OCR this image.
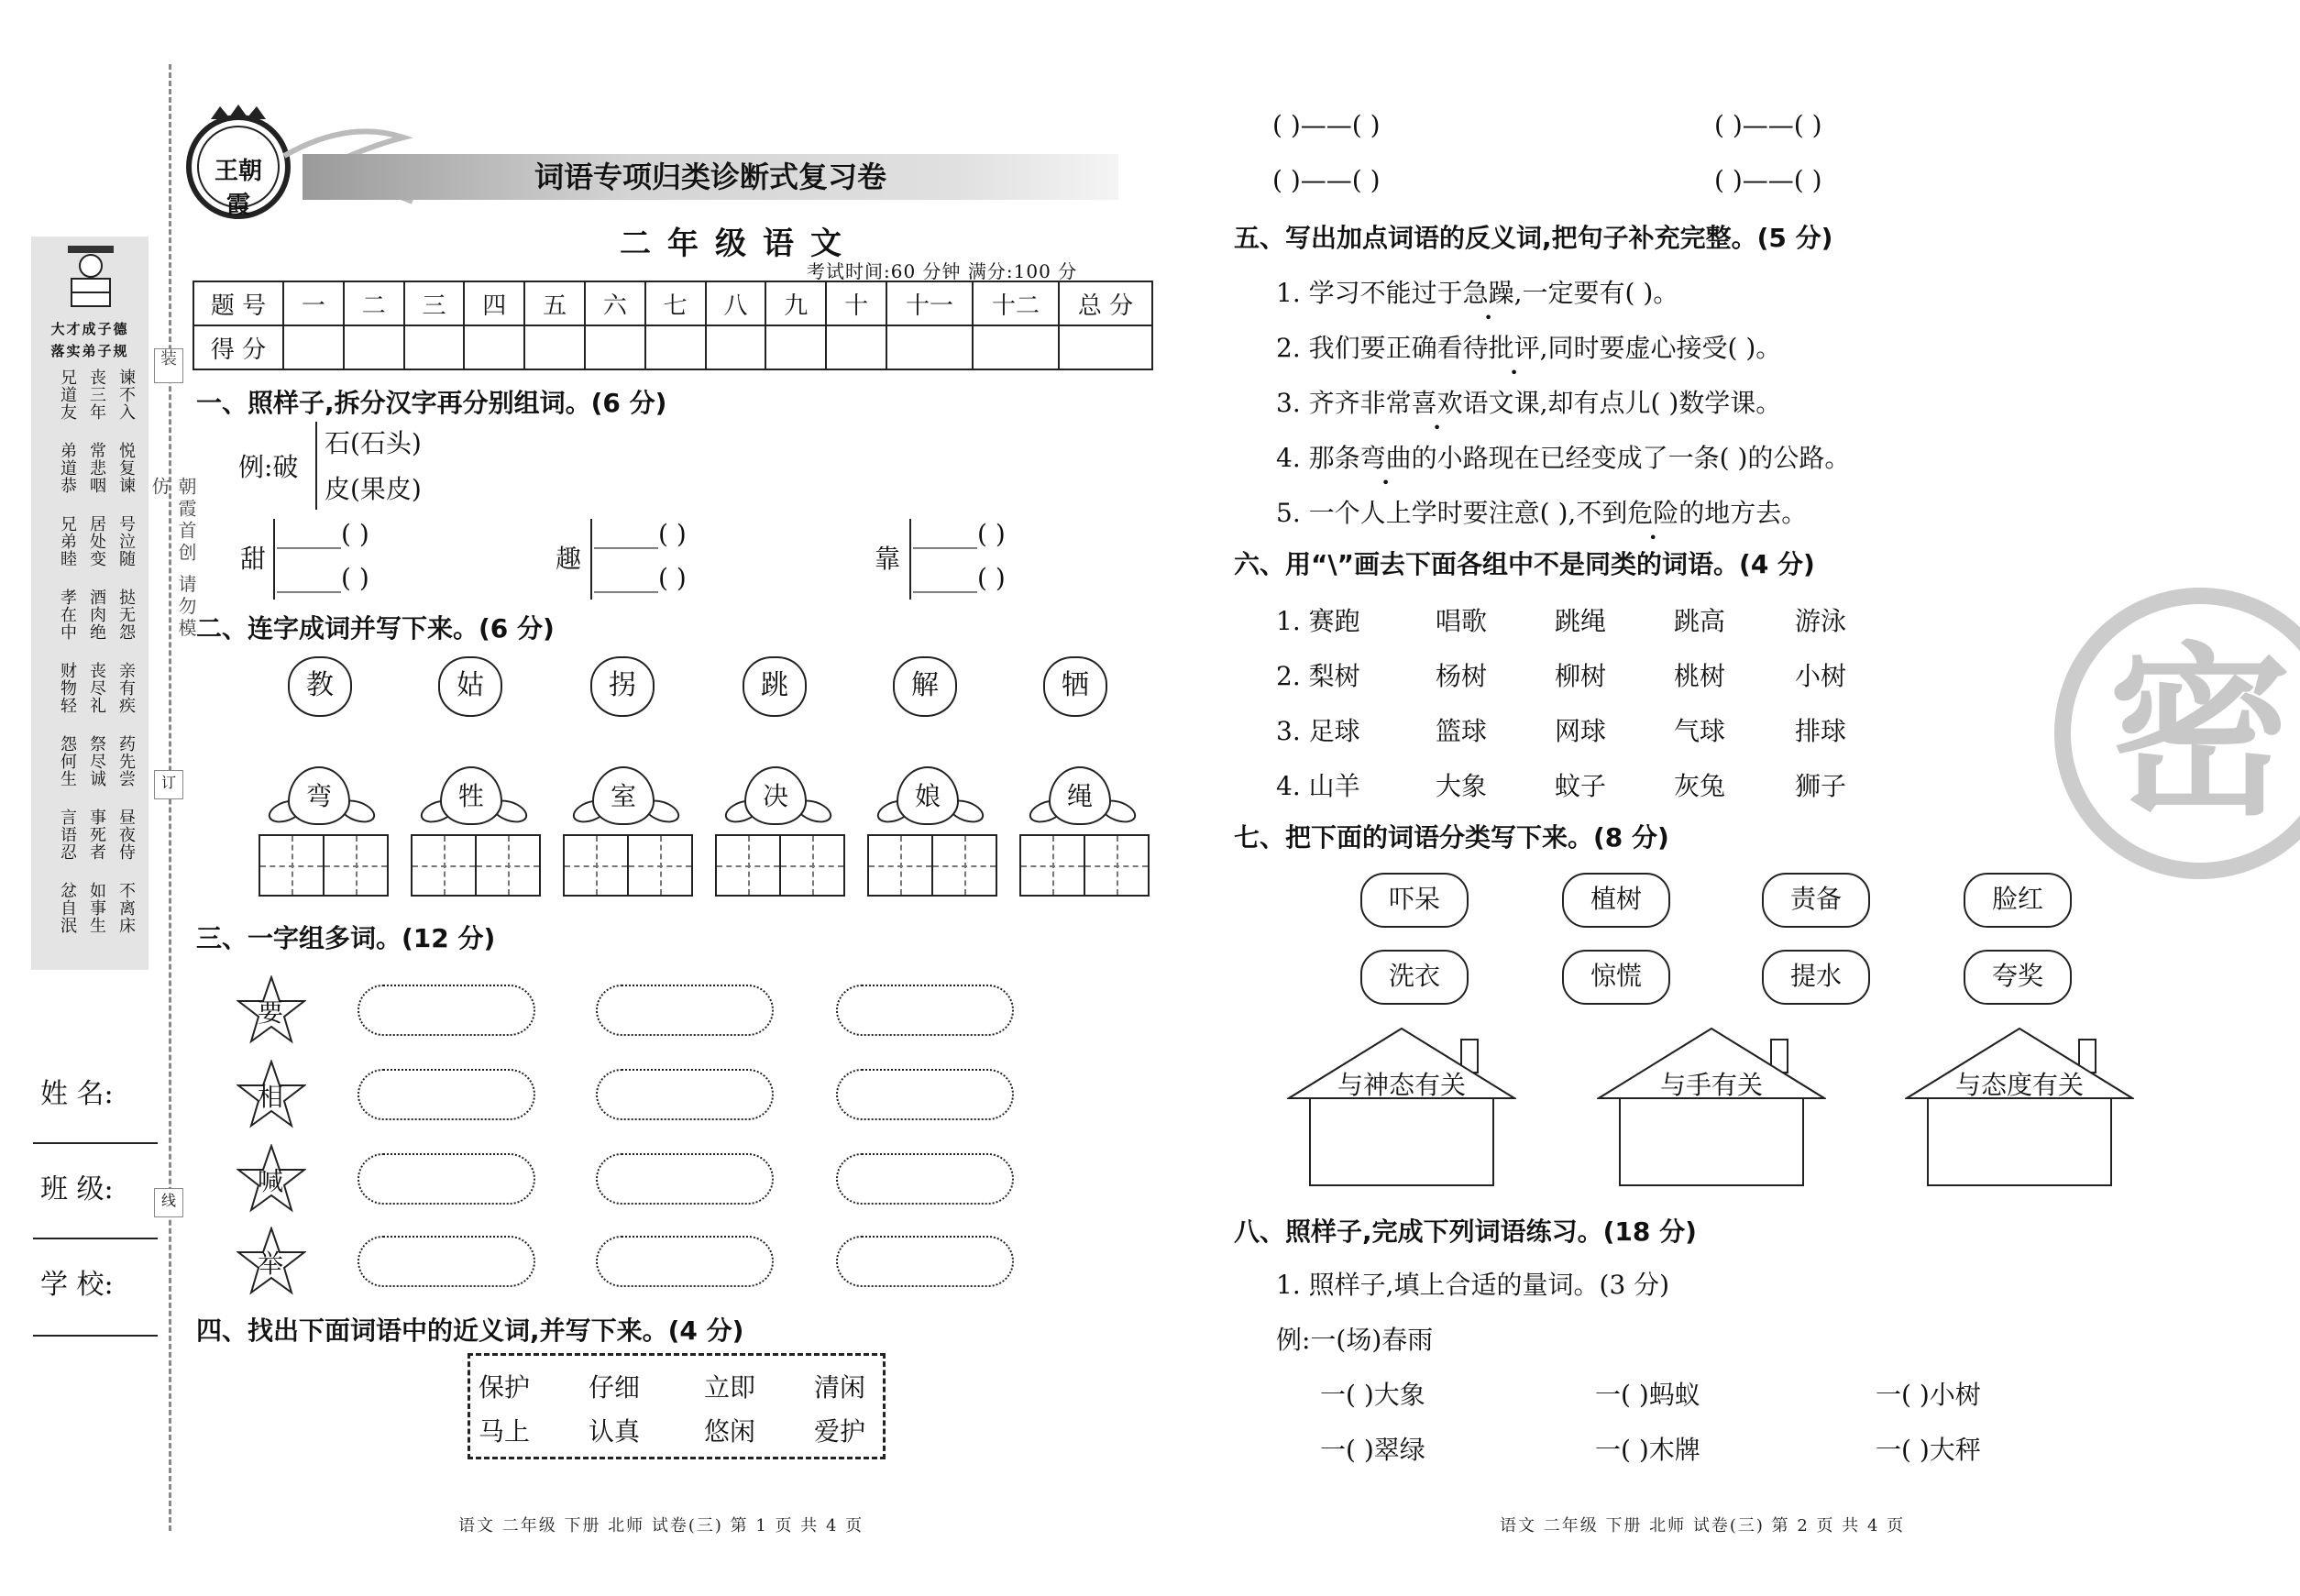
装
朝霞首创 请勿模仿
订
线
大才成子德
落实弟子规
兄道友 丧三年 谏不入
弟道恭 常悲咽 悦复谏
兄弟睦 居处变 号泣随
孝在中 酒肉绝 挞无怨
财物轻 丧尽礼 亲有疾
怨何生 祭尽诚 药先尝
言语忍 事死者 昼夜侍
忿自泯 如事生 不离床
姓 名:
班 级:
学 校:
王朝霞
词语专项归类诊断式复习卷
二年级语文
考试时间:60 分钟 满分:100 分
题 号	一	二	三	四	五	六	七	八	九	十	十一	十二	总 分
得 分													
一、照样子,拆分汉字再分别组词。(6 分)
例:破
石(石头)
皮(果皮)
甜
_____( )
_____( )
趣
_____( )
_____( )
靠
_____( )
_____( )
二、连字成词并写下来。(6 分)
教	姑	拐	跳	解	牺
弯	牲	室	决	娘	绳
三、一字组多词。(12 分)
要
相
喊
举
四、找出下面词语中的近义词,并写下来。(4 分)
保护 仔细 立即 清闲
马上 认真 悠闲 爱护
语文 二年级 下册 北师 试卷(三) 第 1 页 共 4 页
( )——( )	( )——( )
( )——( )	( )——( )
五、写出加点词语的反义词,把句子补充完整。(5 分)
1. 学习不能过于急躁,一定要有( )。
2. 我们要正确看待批评,同时要虚心接受( )。
3. 齐齐非常喜欢语文课,却有点儿( )数学课。
4. 那条弯曲的小路现在已经变成了一条( )的公路。
5. 一个人上学时要注意( ),不到危险的地方去。
六、用“\”画去下面各组中不是同类的词语。(4 分)
1. 赛跑	唱歌	跳绳	跳高	游泳
2. 梨树	杨树	柳树	桃树	小树
3. 足球	篮球	网球	气球	排球
4. 山羊	大象	蚊子	灰兔	狮子
七、把下面的词语分类写下来。(8 分)
吓呆	植树	责备	脸红
洗衣	惊慌	提水	夸奖
与神态有关	与手有关	与态度有关
八、照样子,完成下列词语练习。(18 分)
1. 照样子,填上合适的量词。(3 分)
例:一(场)春雨
一( )大象	一( )蚂蚁	一( )小树
一( )翠绿	一( )木牌	一( )大秤
语文 二年级 下册 北师 试卷(三) 第 2 页 共 4 页
密
